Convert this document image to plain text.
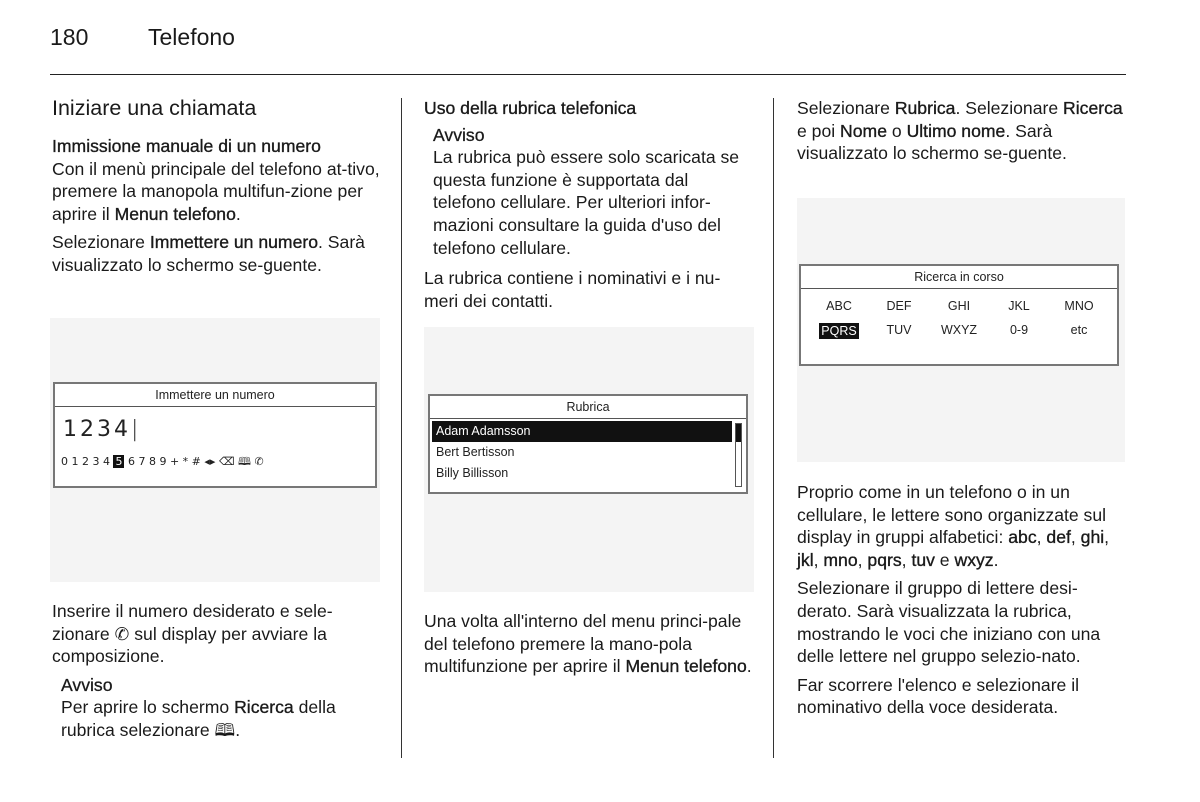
180	Telefono

Iniziare una chiamata

Immissione manuale di un numero

Con il menù principale del telefono at-tivo, premere la manopola multifun-zione per aprire il Menun telefono.

Selezionare Immettere un numero. Sarà visualizzato lo schermo se-guente.

Immettere un numero
1234|
0 1 2 3 4 5 6 7 8 9 + * # ◂▸ ⌫ 🕮 ✆

Inserire il numero desiderato e sele-zionare ✆ sul display per avviare la composizione.

Avviso
Per aprire lo schermo Ricerca della rubrica selezionare 🕮.

Uso della rubrica telefonica

Avviso
La rubrica può essere solo scaricata se questa funzione è supportata dal telefono cellulare. Per ulteriori infor-mazioni consultare la guida d'uso del telefono cellulare.

La rubrica contiene i nominativi e i nu-meri dei contatti.

Rubrica
Adam Adamsson
Bert Bertisson
Billy Billisson

Una volta all'interno del menu princi-pale del telefono premere la mano-pola multifunzione per aprire il Menun telefono.

Selezionare Rubrica. Selezionare Ricerca e poi Nome o Ultimo nome. Sarà visualizzato lo schermo se-guente.

Ricerca in corso
ABC	DEF	GHI	JKL	MNO
PQRS	TUV	WXYZ	0-9	etc

Proprio come in un telefono o in un cellulare, le lettere sono organizzate sul display in gruppi alfabetici: abc, def, ghi, jkl, mno, pqrs, tuv e wxyz.

Selezionare il gruppo di lettere desi-derato. Sarà visualizzata la rubrica, mostrando le voci che iniziano con una delle lettere nel gruppo selezio-nato.

Far scorrere l'elenco e selezionare il nominativo della voce desiderata.
